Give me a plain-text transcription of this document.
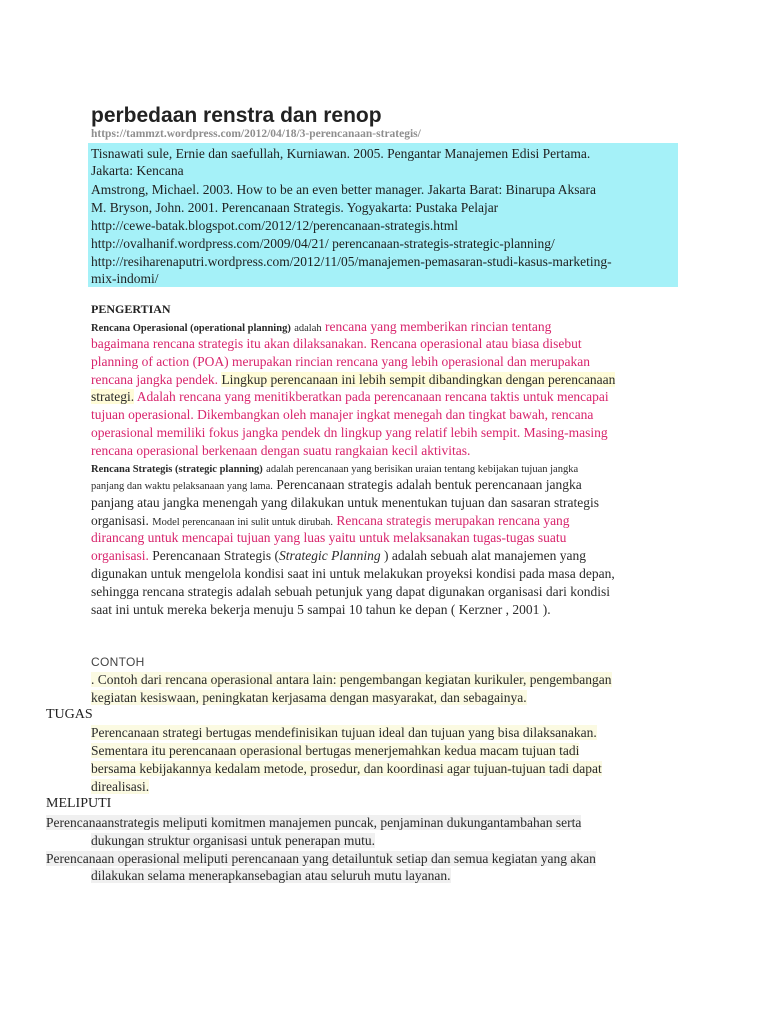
perbedaan renstra dan renop
https://tammzt.wordpress.com/2012/04/18/3-perencanaan-strategis/
Tisnawati sule, Ernie dan saefullah, Kurniawan. 2005. Pengantar Manajemen Edisi Pertama.
Jakarta: Kencana
Amstrong, Michael. 2003. How to be an even better manager. Jakarta Barat: Binarupa Aksara
M. Bryson, John. 2001. Perencanaan Strategis. Yogyakarta: Pustaka Pelajar
http://cewe-batak.blogspot.com/2012/12/perencanaan-strategis.html
http://ovalhanif.wordpress.com/2009/04/21/ perencanaan-strategis-strategic-planning/
http://resiharenaputri.wordpress.com/2012/11/05/manajemen-pemasaran-studi-kasus-marketing-
mix-indomi/
PENGERTIAN
Rencana Operasional (operational planning) adalah rencana yang memberikan rincian tentang
bagaimana rencana strategis itu akan dilaksanakan. Rencana operasional atau biasa disebut
planning of action (POA) merupakan rincian rencana yang lebih operasional dan merupakan
rencana jangka pendek. Lingkup perencanaan ini lebih sempit dibandingkan dengan perencanaan
strategi. Adalah rencana yang menitikberatkan pada perencanaan rencana taktis untuk mencapai
tujuan operasional. Dikembangkan oleh manajer ingkat menegah dan tingkat bawah, rencana
operasional memiliki fokus jangka pendek dn lingkup yang relatif lebih sempit. Masing-masing
rencana operasional berkenaan dengan suatu rangkaian kecil aktivitas.
Rencana Strategis (strategic planning) adalah perencanaan yang berisikan uraian tentang kebijakan tujuan jangka
panjang dan waktu pelaksanaan yang lama. Perencanaan strategis adalah bentuk perencanaan jangka
panjang atau jangka menengah yang dilakukan untuk menentukan tujuan dan sasaran strategis
organisasi. Model perencanaan ini sulit untuk dirubah. Rencana strategis merupakan rencana yang
dirancang untuk mencapai tujuan yang luas yaitu untuk melaksanakan tugas-tugas suatu
organisasi. Perencanaan Strategis (Strategic Planning ) adalah sebuah alat manajemen yang
digunakan untuk mengelola kondisi saat ini untuk melakukan proyeksi kondisi pada masa depan,
sehingga rencana strategis adalah sebuah petunjuk yang dapat digunakan organisasi dari kondisi
saat ini untuk mereka bekerja menuju 5 sampai 10 tahun ke depan ( Kerzner , 2001 ).
CONTOH
. Contoh dari rencana operasional antara lain: pengembangan kegiatan kurikuler, pengembangan
kegiatan kesiswaan, peningkatan kerjasama dengan masyarakat, dan sebagainya.
TUGAS
Perencanaan strategi bertugas mendefinisikan tujuan ideal dan tujuan yang bisa dilaksanakan.
Sementara itu perencanaan operasional bertugas menerjemahkan kedua macam tujuan tadi
bersama kebijakannya kedalam metode, prosedur, dan koordinasi agar tujuan-tujuan tadi dapat
direalisasi.
MELIPUTI
Perencanaanstrategis meliputi komitmen manajemen puncak, penjaminan dukungantambahan serta
dukungan struktur organisasi untuk penerapan mutu.
Perencanaan operasional meliputi perencanaan yang detailuntuk setiap dan semua kegiatan yang akan
dilakukan selama menerapkansebagian atau seluruh mutu layanan.
